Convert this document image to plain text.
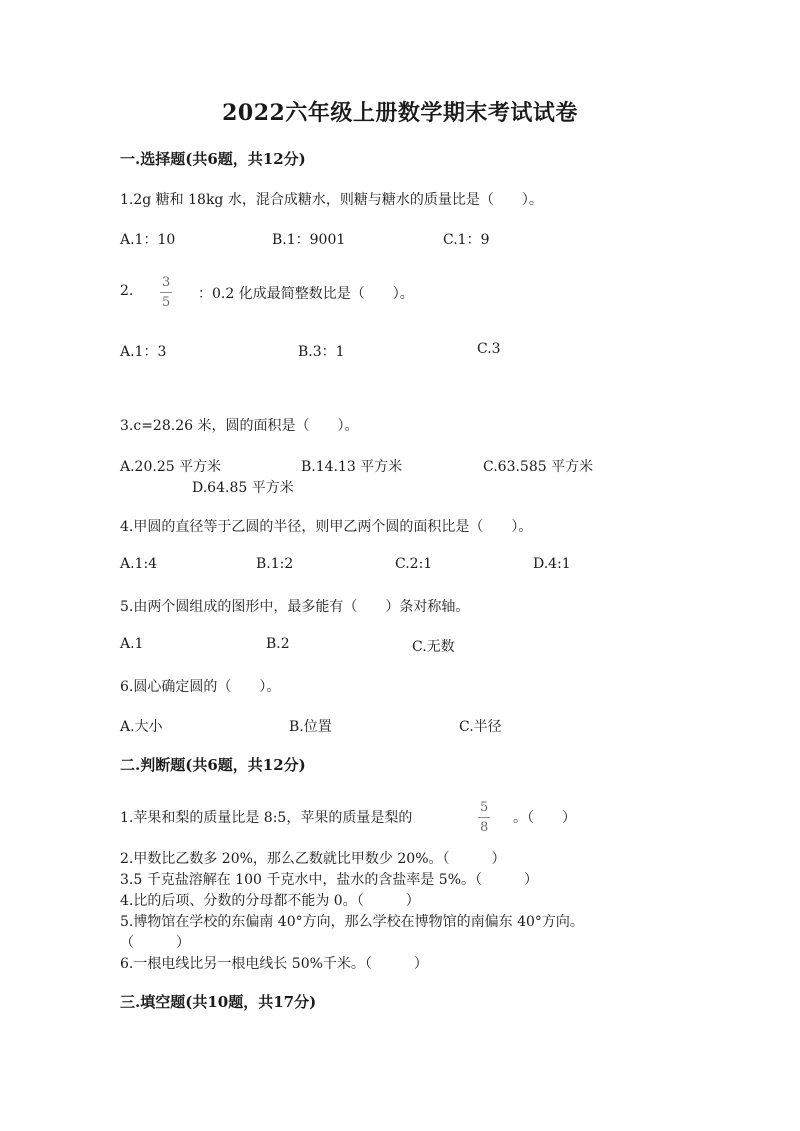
2022六年级上册数学期末考试试卷
一.选择题(共6题，共12分)
1.2g 糖和 18kg 水，混合成糖水，则糖与糖水的质量比是（　　）。
A.1：10	B.1：9001	C.1：9
2. $\frac{3}{5}$ ：0.2 化成最简整数比是（　　）。
A.1：3	B.3：1	C.3
3.c=28.26 米，圆的面积是（　　）。
A.20.25 平方米	B.14.13 平方米	C.63.585 平方米
D.64.85 平方米
4.甲圆的直径等于乙圆的半径，则甲乙两个圆的面积比是（　　）。
A.1:4	B.1:2	C.2:1	D.4:1
5.由两个圆组成的图形中，最多能有（　　）条对称轴。
A.1	B.2	C.无数
6.圆心确定圆的（　　）。
A.大小	B.位置	C.半径
二.判断题(共6题，共12分)
1.苹果和梨的质量比是 8:5，苹果的质量是梨的	$\frac{5}{8}$ 。（　　）
2.甲数比乙数多 20%，那么乙数就比甲数少 20%。（　　　）
3.5 千克盐溶解在 100 千克水中，盐水的含盐率是 5%。（　　　）
4.比的后项、分数的分母都不能为 0。（　　　）
5.博物馆在学校的东偏南 40°方向，那么学校在博物馆的南偏东 40°方向。
（　　　）
6.一根电线比另一根电线长 50%千米。（　　　）
三.填空题(共10题，共17分)
